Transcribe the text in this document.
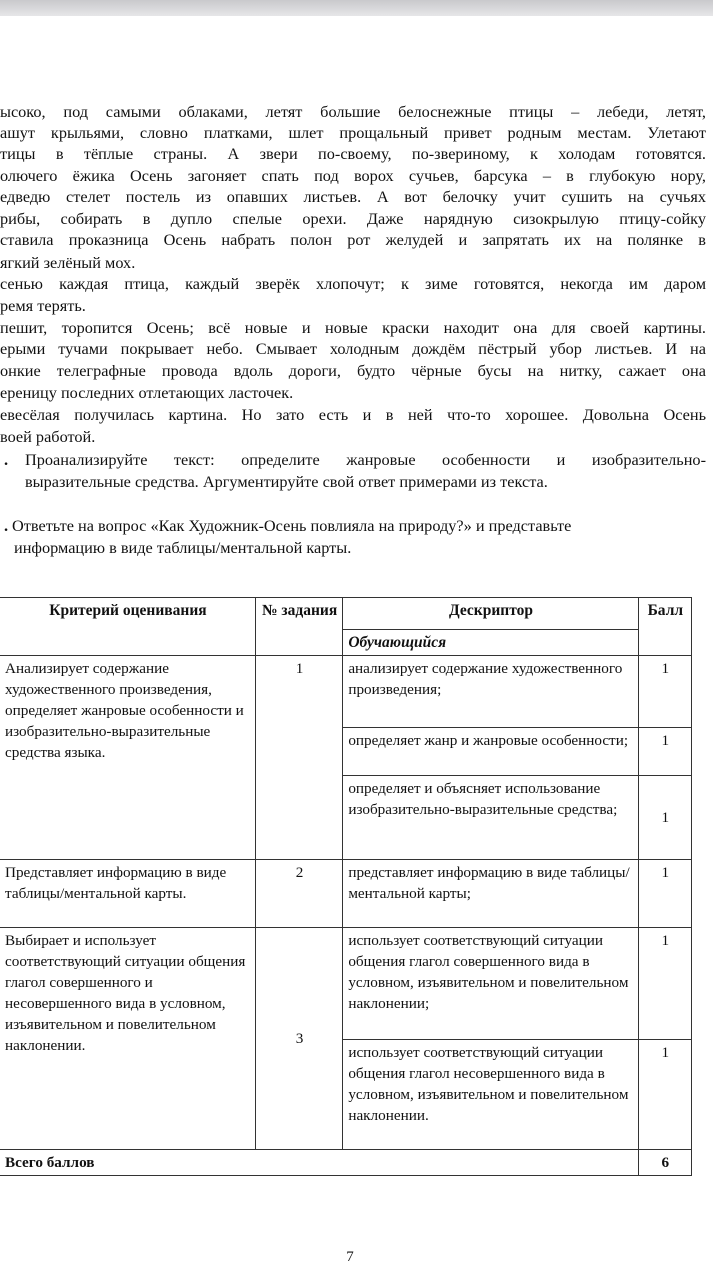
ысоко, под самыми облаками, летят большие белоснежные птицы – лебеди, летят,
ашут крыльями, словно платками, шлет прощальный привет родным местам. Улетают
тицы в тёплые страны. А звери по-своему, по-звериному, к холодам готовятся.
олючего ёжика Осень загоняет спать под ворох сучьев, барсука – в глубокую нору,
едведю стелет постель из опавших листьев. А вот белочку учит сушить на сучьях
рибы, собирать в дупло спелые орехи. Даже нарядную сизокрылую птицу-сойку
ставила проказница Осень набрать полон рот желудей и запрятать их на полянке в
ягкий зелёный мох.
сенью каждая птица, каждый зверёк хлопочут; к зиме готовятся, некогда им даром
ремя терять.
пешит, торопится Осень; всё новые и новые краски находит она для своей картины.
ерыми тучами покрывает небо. Смывает холодным дождём пёстрый убор листьев. И на
онкие телеграфные провода вдоль дороги, будто чёрные бусы на нитку, сажает она
ереницу последних отлетающих ласточек.
евесёлая получилась картина. Но зато есть и в ней что-то хорошее. Довольна Осень
воей работой.
. Проанализируйте текст: определите жанровые особенности и изобразительно-
выразительные средства. Аргументируйте свой ответ примерами из текста.
. Ответьте на вопрос «Как Художник-Осень повлияла на природу?» и представьте
информацию в виде таблицы/ментальной карты.
Критерий оценивания	№ задания	Дескриптор	Балл
		Обучающийся	
Анализирует содержание художественного произведения, определяет жанровые особенности и изобразительно-выразительные средства языка.	1	анализирует содержание художественного произведения;	1
		определяет жанр и жанровые особенности;	1
		определяет и объясняет использование изобразительно-выразительные средства;	1
Представляет информацию в виде таблицы/ментальной карты.	2	представляет информацию в виде таблицы/ментальной карты;	1
Выбирает и использует соответствующий ситуации общения глагол совершенного и несовершенного вида в условном, изъявительном и повелительном наклонении.	3	использует соответствующий ситуации общения глагол совершенного вида в условном, изъявительном и повелительном наклонении;	1
		использует соответствующий ситуации общения глагол несовершенного вида в условном, изъявительном и повелительном наклонении.	1
Всего баллов			6
7
